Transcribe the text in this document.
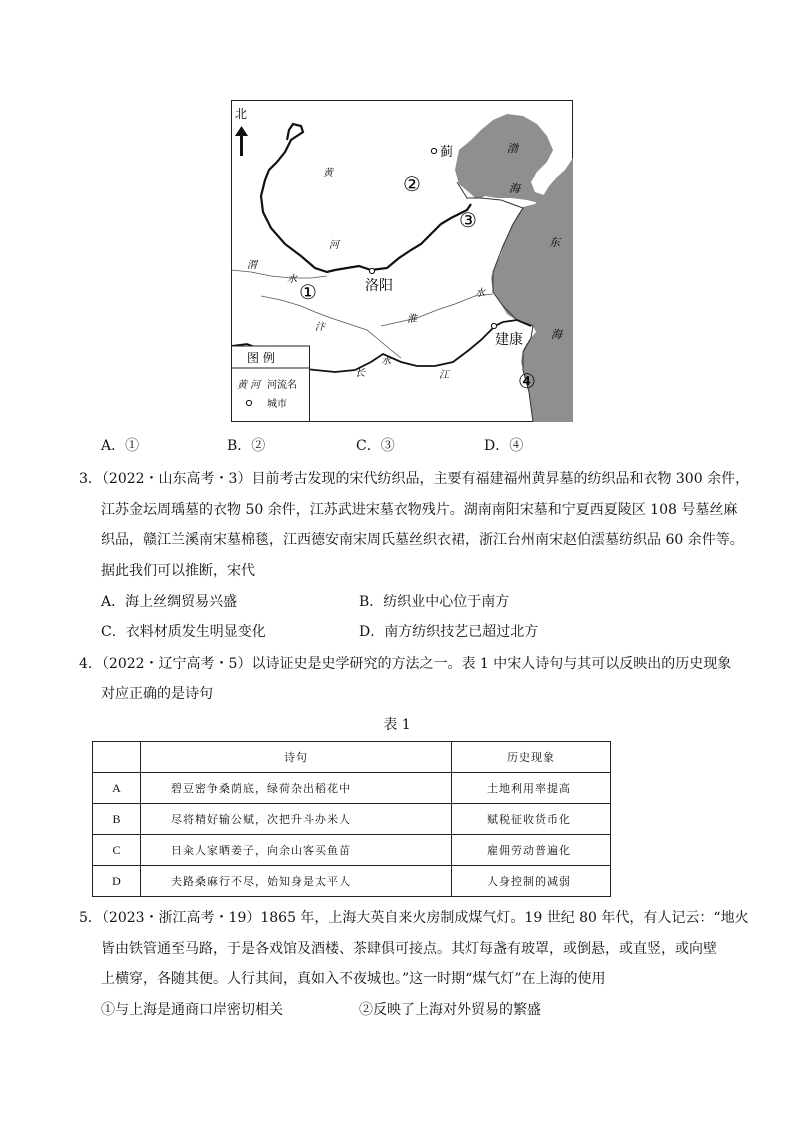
北
蓟
洛阳
建康
①
②
③
④
渤
海
东
海
黄
河
渭
水
汴
水
淮
水
长	江
图 例
黄 河 河流名
城市
A．①	B．②	C．③	D．④
3．（2022・山东高考・3）目前考古发现的宋代纺织品，主要有福建福州黄昇墓的纺织品和衣物 300 余件，
江苏金坛周瑀墓的衣物 50 余件，江苏武进宋墓衣物残片。湖南南阳宋墓和宁夏西夏陵区 108 号墓丝麻
织品，赣江兰溪南宋墓棉毯，江西德安南宋周氏墓丝织衣裙，浙江台州南宋赵伯澐墓纺织品 60 余件等。
据此我们可以推断，宋代
A．海上丝绸贸易兴盛	B．纺织业中心位于南方
C．衣料材质发生明显变化	D．南方纺织技艺已超过北方
4．（2022・辽宁高考・5）以诗证史是史学研究的方法之一。表 1 中宋人诗句与其可以反映出的历史现象
对应正确的是诗句
表 1
	诗句	历史现象
A	碧豆密争桑荫底，绿荷杂出稻花中	土地利用率提高
B	尽将精好输公赋，次把升斗办米人	赋税征收货币化
C	日籴人家晒姜子，向余山客买鱼苗	雇佣劳动普遍化
D	夫路桑麻行不尽，始知身是太平人	人身控制的减弱
5．（2023・浙江高考・19）1865 年，上海大英自来火房制成煤气灯。19 世纪 80 年代，有人记云：“地火
皆由铁管通至马路，于是各戏馆及酒楼、茶肆俱可接点。其灯每盏有玻罩，或倒悬，或直竖，或向壁
上横穿，各随其便。人行其间，真如入不夜城也。”这一时期“煤气灯”在上海的使用
①与上海是通商口岸密切相关	②反映了上海对外贸易的繁盛
